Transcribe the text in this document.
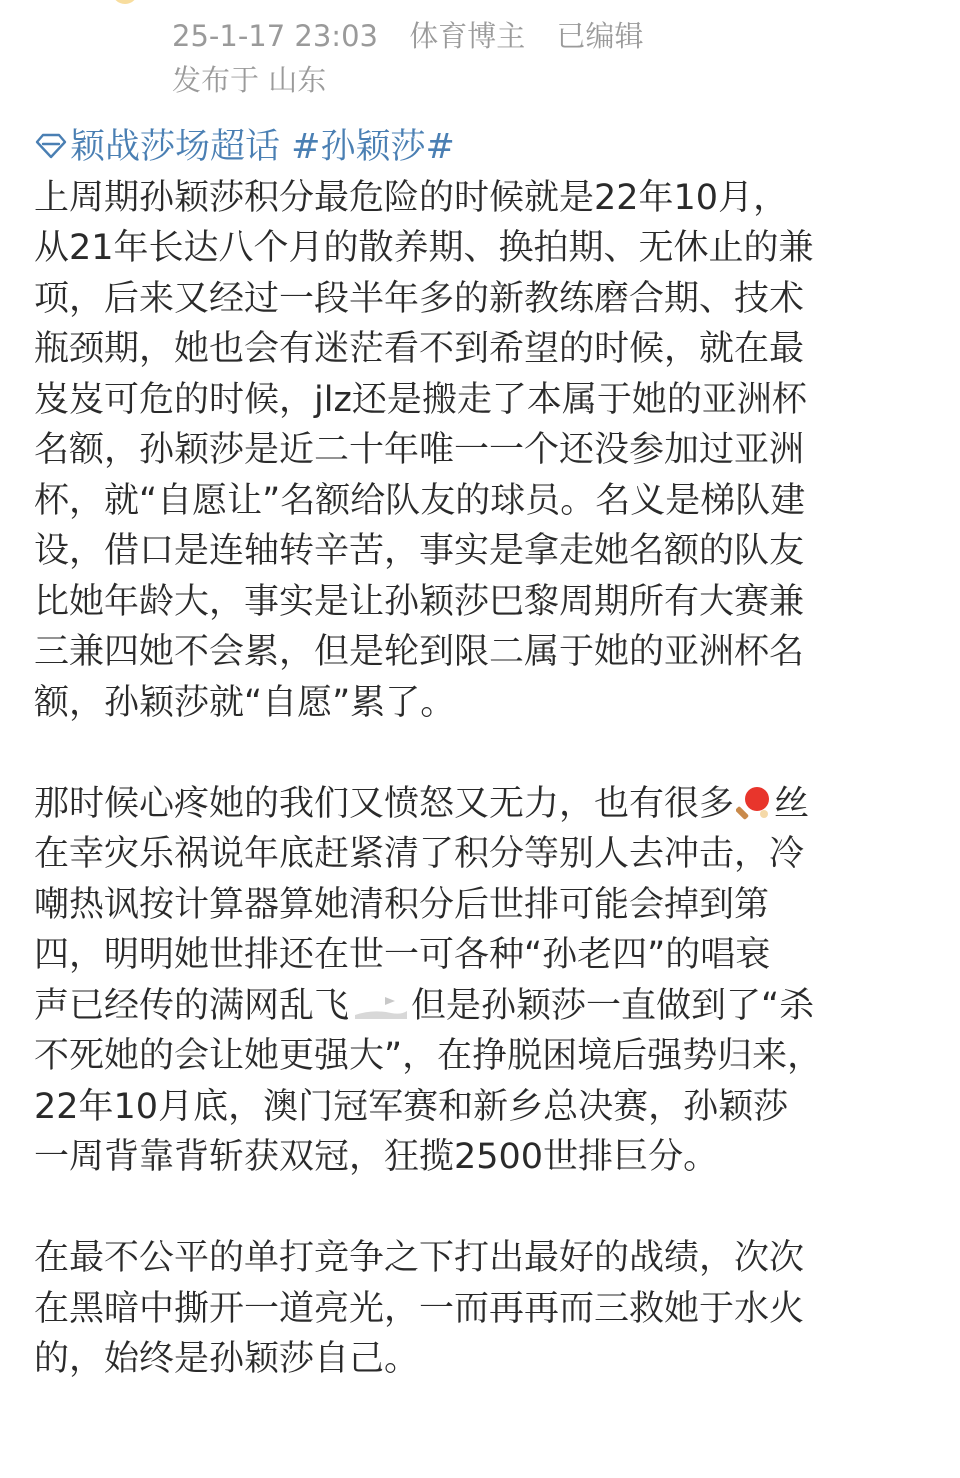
25-1-17 23:03 体育博主 已编辑
发布于 山东
颖战莎场超话 #孙颖莎#
上周期孙颖莎积分最危险的时候就是22年10月，
从21年长达八个月的散养期、换拍期、无休止的兼
项，后来又经过一段半年多的新教练磨合期、技术
瓶颈期，她也会有迷茫看不到希望的时候，就在最
岌岌可危的时候，jlz还是搬走了本属于她的亚洲杯
名额，孙颖莎是近二十年唯一一个还没参加过亚洲
杯，就“自愿让”名额给队友的球员。名义是梯队建
设，借口是连轴转辛苦，事实是拿走她名额的队友
比她年龄大，事实是让孙颖莎巴黎周期所有大赛兼
三兼四她不会累，但是轮到限二属于她的亚洲杯名
额，孙颖莎就“自愿”累了。
那时候心疼她的我们又愤怒又无力，也有很多 丝
在幸灾乐祸说年底赶紧清了积分等别人去冲击，冷
嘲热讽按计算器算她清积分后世排可能会掉到第
四，明明她世排还在世一可各种“孙老四”的唱衰
声已经传的满网乱飞 但是孙颖莎一直做到了“杀
不死她的会让她更强大”，在挣脱困境后强势归来，
22年10月底，澳门冠军赛和新乡总决赛，孙颖莎
一周背靠背斩获双冠，狂揽2500世排巨分。
在最不公平的单打竞争之下打出最好的战绩，次次
在黑暗中撕开一道亮光，一而再再而三救她于水火
的，始终是孙颖莎自己。
